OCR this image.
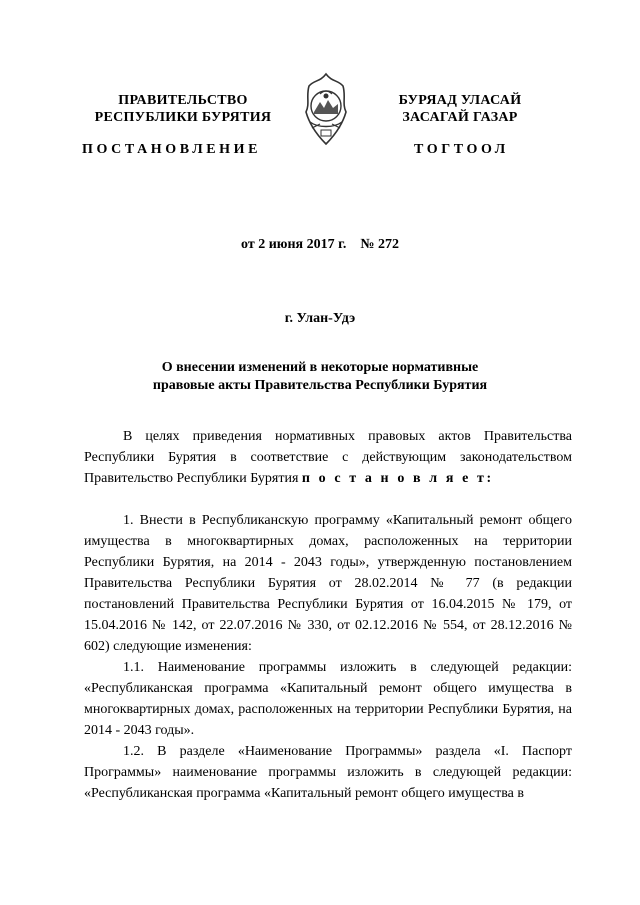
ПРАВИТЕЛЬСТВО
РЕСПУБЛИКИ БУРЯТИЯ
БУРЯАД УЛАСАЙ
ЗАСАГАЙ ГАЗАР
ПОСТАНОВЛЕНИЕ	ТОГТООЛ
от 2 июня 2017 г. № 272
г. Улан-Удэ
О внесении изменений в некоторые нормативные
правовые акты Правительства Республики Бурятия

В целях приведения нормативных правовых актов Правительства Республики Бурятия в соответствие с действующим законодательством Правительство Республики Бурятия п о с т а н о в л я е т:

1. Внести в Республиканскую программу «Капитальный ремонт общего имущества в многоквартирных домах, расположенных на территории Республики Бурятия, на 2014 - 2043 годы», утвержденную постановлением Правительства Республики Бурятия от 28.02.2014 № 77 (в редакции постановлений Правительства Республики Бурятия от 16.04.2015 № 179, от 15.04.2016 № 142, от 22.07.2016 № 330, от 02.12.2016 № 554, от 28.12.2016 № 602) следующие изменения:

1.1. Наименование программы изложить в следующей редакции: «Республиканская программа «Капитальный ремонт общего имущества в многоквартирных домах, расположенных на территории Республики Бурятия, на 2014 - 2043 годы».

1.2. В разделе «Наименование Программы» раздела «I. Паспорт Программы» наименование программы изложить в следующей редакции: «Республиканская программа «Капитальный ремонт общего имущества в
